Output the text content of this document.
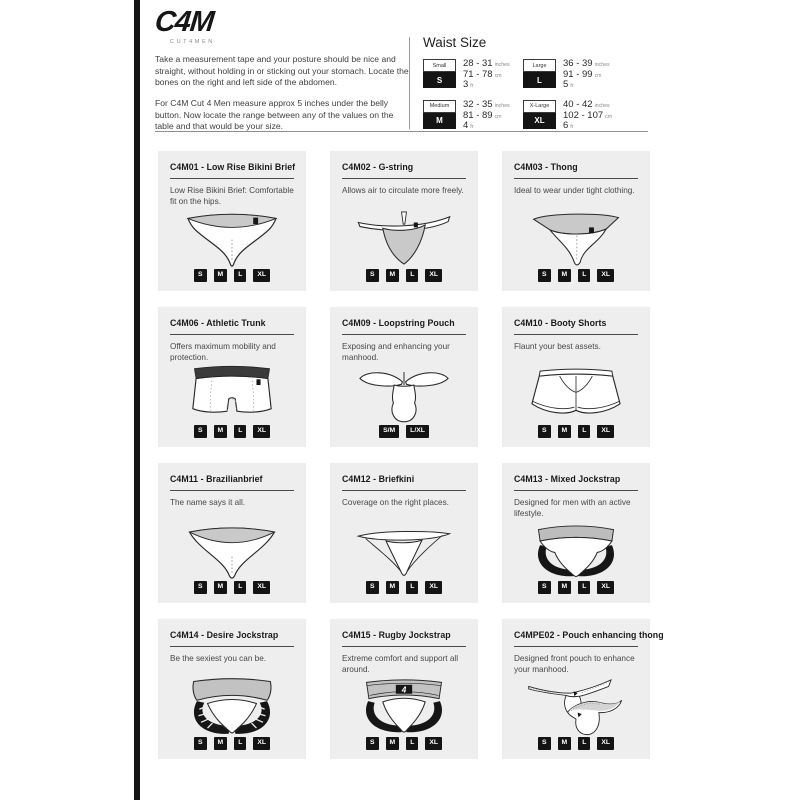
C4M
CUT4MEN

Take a measurement tape and your posture should be nice and straight, without holding in or sticking out your stomach. Locate the bones on the right and left side of the abdomen.

For C4M Cut 4 Men measure approx 5 inches under the belly button. Now locate the range between any of the values on the table and that would be your size.

Waist Size
Small
S
28 - 31 inches
71 - 78 cm
3 fr
Medium
M
32 - 35 inches
81 - 89 cm
4 fr
Large
L
36 - 39 inches
91 - 99 cm
5 fr
X-Large
XL
40 - 42 inches
102 - 107 cm
6 fr
C4M01 - Low Rise Bikini Brief
Low Rise Bikini Brief: Comfortable fit on the hips.
S	M	L	XL
C4M02 - G-string
Allows air to circulate more freely.
S	M	L	XL
C4M03 - Thong
Ideal to wear under tight clothing.
S	M	L	XL
C4M06 - Athletic Trunk
Offers maximum mobility and protection.
S	M	L	XL
C4M09 - Loopstring Pouch
Exposing and enhancing your manhood.
S/M	L/XL
C4M10 - Booty Shorts
Flaunt your best assets.
S	M	L	XL
C4M11 - Brazilianbrief
The name says it all.
S	M	L	XL
C4M12 - Briefkini
Coverage on the right places.
S	M	L	XL
C4M13 - Mixed Jockstrap
Designed for men with an active lifestyle.
S	M	L	XL
C4M14 - Desire Jockstrap
Be the sexiest you can be.
S	M	L	XL
C4M15 - Rugby Jockstrap
Extreme comfort and support all around.
4
S	M	L	XL
C4MPE02 - Pouch enhancing thong
Designed front pouch to enhance your manhood.
S	M	L	XL
